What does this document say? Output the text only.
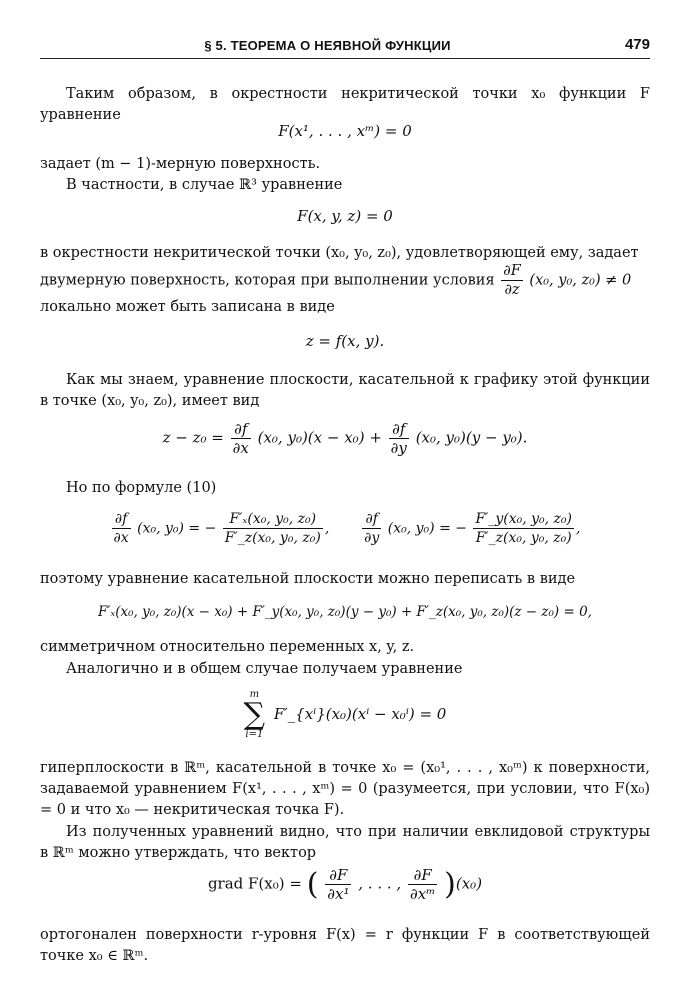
§ 5. ТЕОРЕМА О НЕЯВНОЙ ФУНКЦИИ	479
Таким образом, в окрестности некритической точки x₀ функции F уравнение
F(x¹, . . . , xᵐ) = 0
задает (m − 1)-мерную поверхность.
В частности, в случае ℝ³ уравнение
F(x, y, z) = 0
в окрестности некритической точки (x₀, y₀, z₀), удовлетворяющей ему, задает
двумерную поверхность, которая при выполнении условия $\frac{\partial F}{\partial z} (x_0$, y₀, z₀) ≠ 0
локально может быть записана в виде
z = f(x, y).
Как мы знаем, уравнение плоскости, касательной к графику этой функции в точке (x₀, y₀, z₀), имеет вид
$z - z_0 = \frac{\partial f}{\partial x} (x_0$, $y_0)(x - x_0) + \frac{\partial f}{\partial y} (x_0$, y₀)(y − y₀).
Но по формуле (10)
$\frac{\partial f}{\partial x} (x_0$, y₀) = − $\frac{\text{F′ₓ(x₀, y₀, z₀)}}{\text{F′\_z(x₀, y₀, z₀)}}$ , $\frac{\partial f}{\partial y} (x_0$, y₀) = − $\frac{\text{F′\_y(x₀, y₀, z₀)}}{\text{F′\_z(x₀, y₀, z₀)}}$ ,
поэтому уравнение касательной плоскости можно переписать в виде
F′ₓ(x₀, y₀, z₀)(x − x₀) + F′_y(x₀, y₀, z₀)(y − y₀) + F′_z(x₀, y₀, z₀)(z − z₀) = 0,
симметричном относительно переменных x, y, z.
Аналогично и в общем случае получаем уравнение
m
∑
i=1
F′_{xⁱ}(x₀)(xⁱ − x₀ⁱ) = 0
гиперплоскости в ℝᵐ, касательной в точке x₀ = (x₀¹, . . . , x₀ᵐ) к поверхности, задаваемой уравнением F(x¹, . . . , xᵐ) = 0 (разумеется, при условии, что F(x₀) = 0 и что x₀ — некритическая точка F).
Из полученных уравнений видно, что при наличии евклидовой структуры в ℝᵐ можно утверждать, что вектор
grad F(x₀) = ( $\frac{\partial F}{\text{∂x¹}}$ , . . . , $\frac{\partial F}{\text{∂xᵐ}} )(x_0)$
ортогонален поверхности r-уровня F(x) = r функции F в соответствующей точке x₀ ∈ ℝᵐ.
